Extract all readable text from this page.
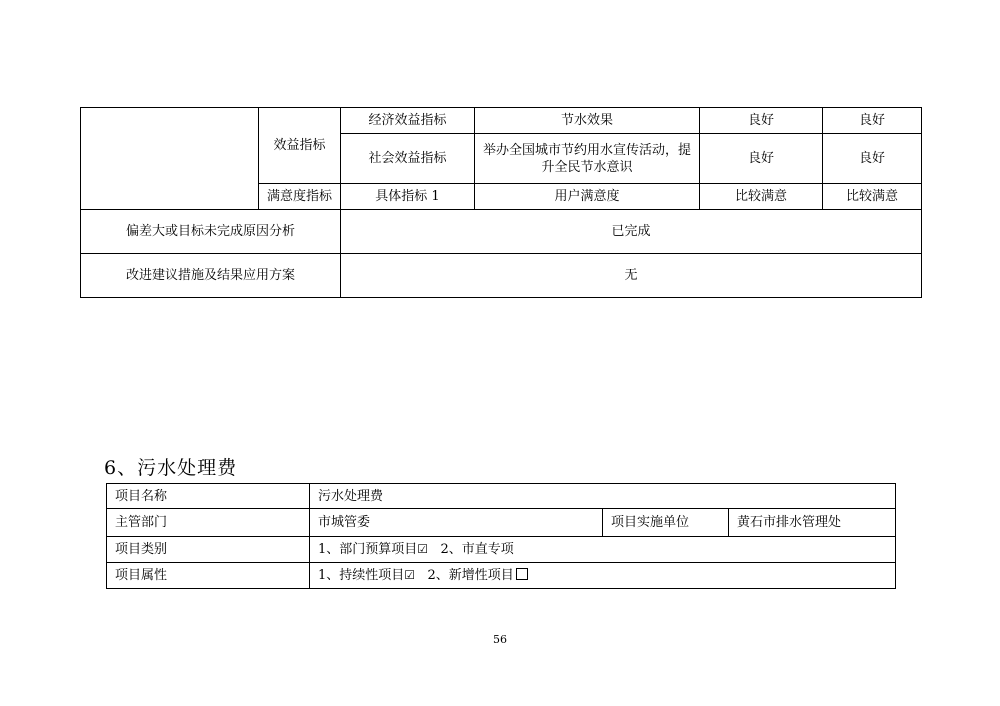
	效益指标	经济效益指标	节水效果	良好	良好
		社会效益指标	举办全国城市节约用水宣传活动，提升全民节水意识	良好	良好
	满意度指标	具体指标 1	用户满意度	比较满意	比较满意
偏差大或目标未完成原因分析		已完成			
改进建议措施及结果应用方案		无			
6、污水处理费
项目名称	污水处理费		
主管部门	市城管委	项目实施单位	黄石市排水管理处
项目类别	1、部门预算项目☑ 2、市直专项		
项目属性	1、持续性项目☑ 2、新增性项目		
56
